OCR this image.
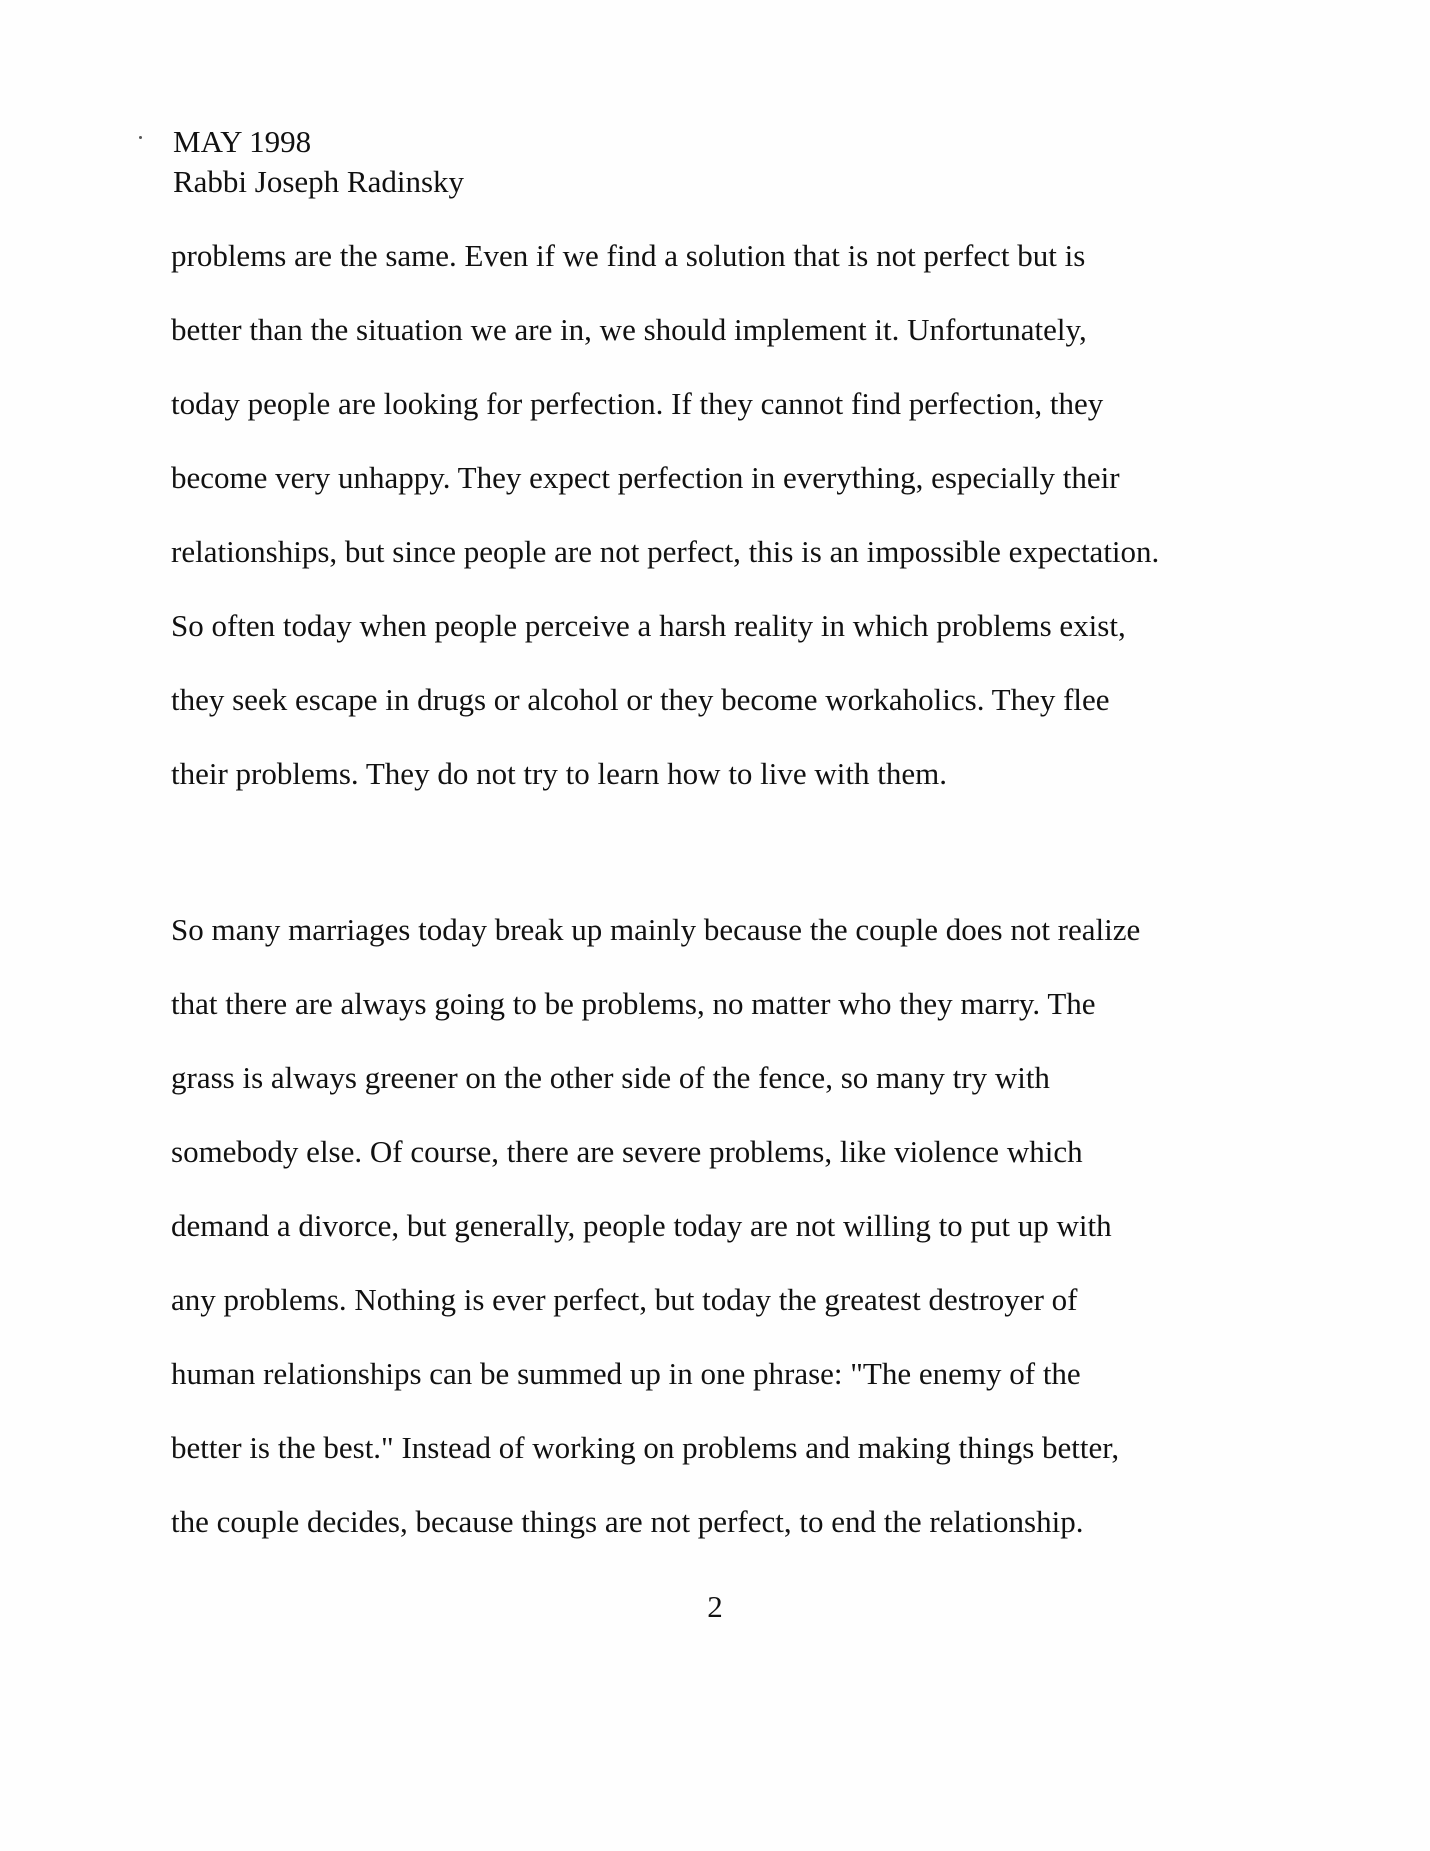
MAY 1998
Rabbi Joseph Radinsky
problems are the same. Even if we find a solution that is not perfect but is
better than the situation we are in, we should implement it. Unfortunately,
today people are looking for perfection. If they cannot find perfection, they
become very unhappy. They expect perfection in everything, especially their
relationships, but since people are not perfect, this is an impossible expectation.
So often today when people perceive a harsh reality in which problems exist,
they seek escape in drugs or alcohol or they become workaholics. They flee
their problems. They do not try to learn how to live with them.
So many marriages today break up mainly because the couple does not realize
that there are always going to be problems, no matter who they marry. The
grass is always greener on the other side of the fence, so many try with
somebody else. Of course, there are severe problems, like violence which
demand a divorce, but generally, people today are not willing to put up with
any problems. Nothing is ever perfect, but today the greatest destroyer of
human relationships can be summed up in one phrase: "The enemy of the
better is the best." Instead of working on problems and making things better,
the couple decides, because things are not perfect, to end the relationship.
2
